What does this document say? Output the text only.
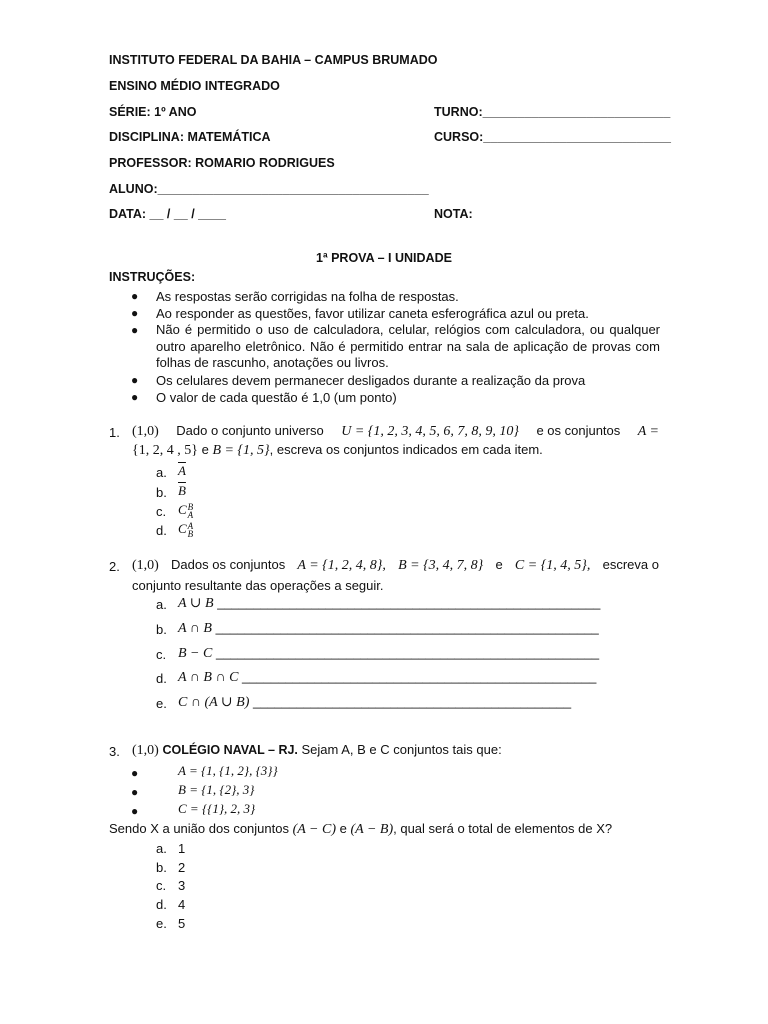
INSTITUTO FEDERAL DA BAHIA – CAMPUS BRUMADO
ENSINO MÉDIO INTEGRADO
SÉRIE: 1º ANO	TURNO:___________________________
DISCIPLINA: MATEMÁTICA	CURSO:___________________________
PROFESSOR: ROMARIO RODRIGUES
ALUNO:_______________________________________
DATA: __ / __ / ____	NOTA:
1ª PROVA – I UNIDADE
INSTRUÇÕES:
● As respostas serão corrigidas na folha de respostas.
● Ao responder as questões, favor utilizar caneta esferográfica azul ou preta.
● Não é permitido o uso de calculadora, celular, relógios com calculadora, ou qualquer outro aparelho eletrônico. Não é permitido entrar na sala de aplicação de provas com folhas de rascunho, anotações ou livros.
● Os celulares devem permanecer desligados durante a realização da prova
● O valor de cada questão é 1,0 (um ponto)
1. (1,0) Dado o conjunto universo U = {1, 2, 3, 4, 5, 6, 7, 8, 9, 10} e os conjuntos A =
{1, 2, 4 , 5} e B = {1, 5}, escreva os conjuntos indicados em cada item.
a. $\overline{A}$
b. $\overline{B}$
c. CB
A
d. CA
B
2. (1,0) Dados os conjuntos A = {1, 2, 4, 8}, B = {3, 4, 7, 8} e C = {1, 4, 5}, escreva o
conjunto resultante das operações a seguir.
a. A ∪ B _____________________________________________________
b. A ∩ B _____________________________________________________
c. B − C _____________________________________________________
d. A ∩ B ∩ C _________________________________________________
e. C ∩ (A ∪ B) ____________________________________________
3. (1,0) COLÉGIO NAVAL – RJ. Sejam A, B e C conjuntos tais que:
●	A = {1, {1, 2}, {3}}
●	B = {1, {2}, 3}
●	C = {{1}, 2, 3}
Sendo X a união dos conjuntos (A − C) e (A − B), qual será o total de elementos de X?
a. 1
b. 2
c. 3
d. 4
e. 5
